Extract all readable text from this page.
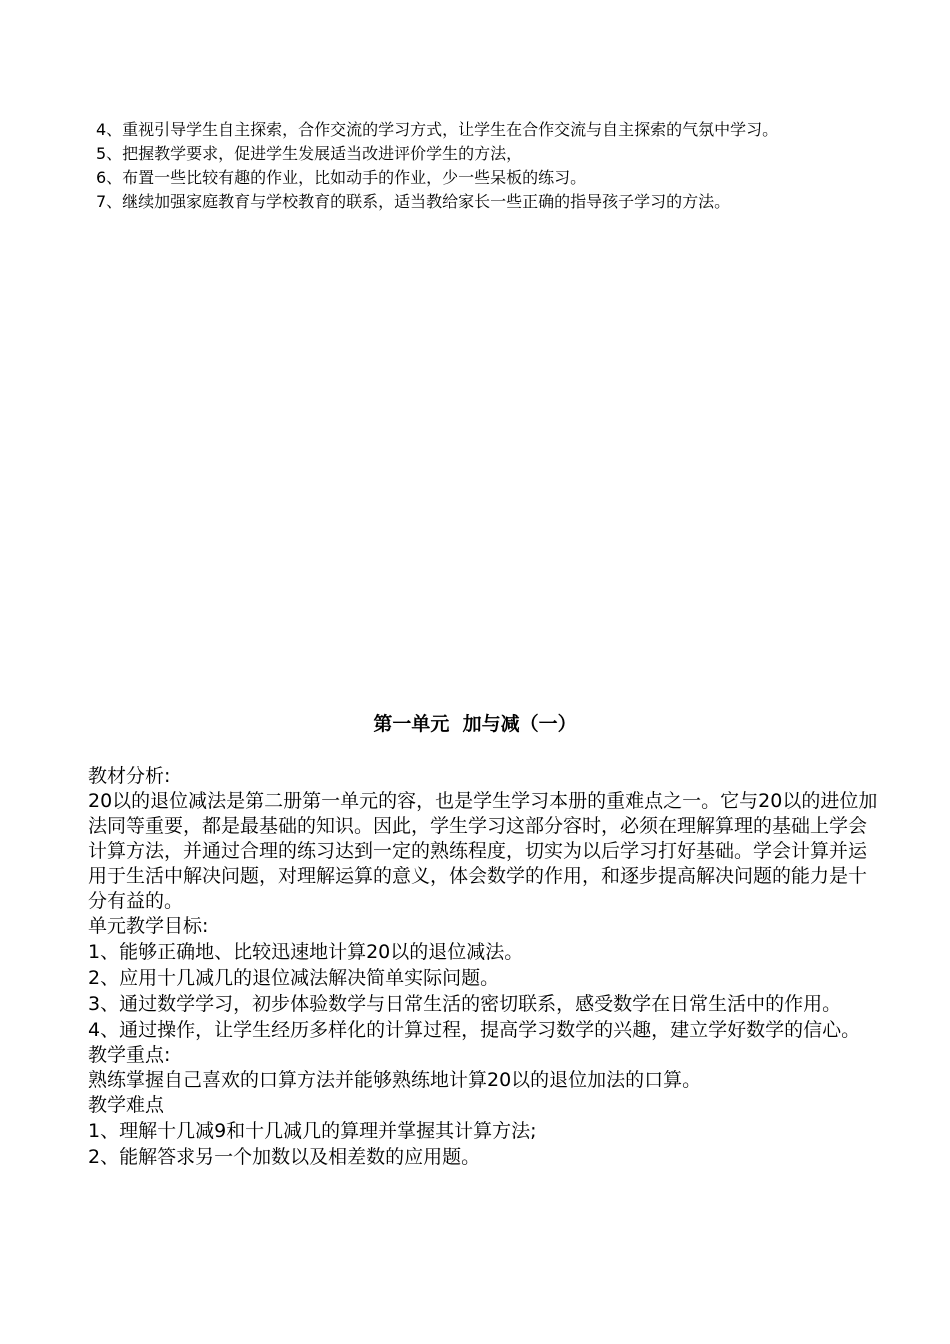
4、重视引导学生自主探索，合作交流的学习方式，让学生在合作交流与自主探索的气氛中学习。

5、把握教学要求，促进学生发展适当改进评价学生的方法，

6、布置一些比较有趣的作业，比如动手的作业，少一些呆板的练习。

7、继续加强家庭教育与学校教育的联系，适当教给家长一些正确的指导孩子学习的方法。

第一单元  加与减（一）

教材分析:

20以的退位减法是第二册第一单元的容，也是学生学习本册的重难点之一。它与20以的进位加法同等重要，都是最基础的知识。因此，学生学习这部分容时，必须在理解算理的基础上学会计算方法，并通过合理的练习达到一定的熟练程度，切实为以后学习打好基础。学会计算并运用于生活中解决问题，对理解运算的意义，体会数学的作用，和逐步提高解决问题的能力是十分有益的。

单元教学目标:

1、能够正确地、比较迅速地计算20以的退位减法。

2、应用十几减几的退位减法解决简单实际问题。

3、通过数学学习，初步体验数学与日常生活的密切联系，感受数学在日常生活中的作用。

4、通过操作，让学生经历多样化的计算过程，提高学习数学的兴趣，建立学好数学的信心。

教学重点:

熟练掌握自己喜欢的口算方法并能够熟练地计算20以的退位加法的口算。

教学难点

1、理解十几减9和十几减几的算理并掌握其计算方法;

2、能解答求另一个加数以及相差数的应用题。
